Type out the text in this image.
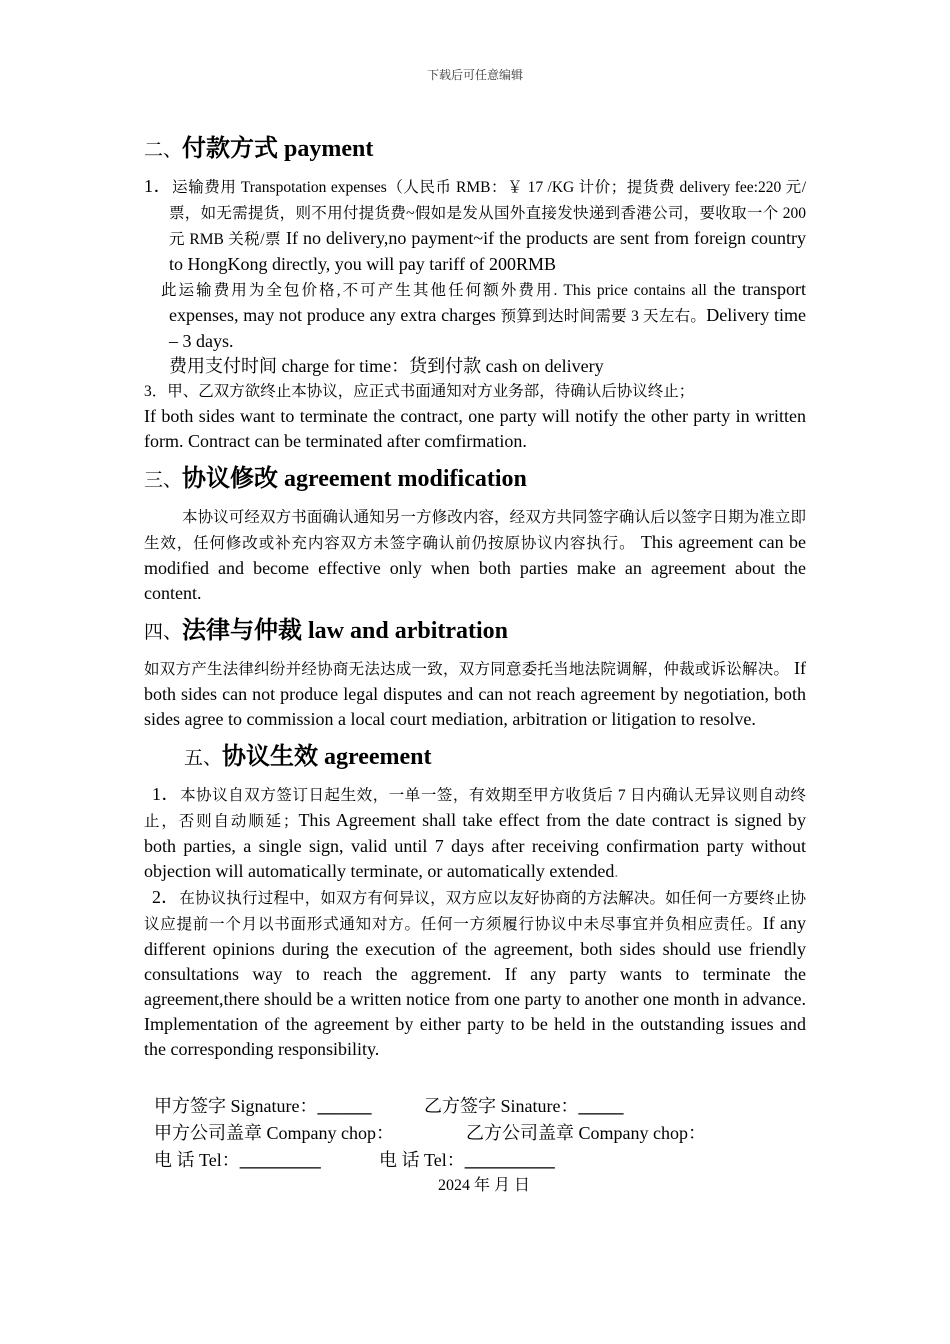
下载后可任意编辑
二、付款方式 payment

1．运输费用 Transpotation expenses（人民币 RMB：￥ 17 /KG 计价；提货费 delivery fee:220 元/票，如无需提货，则不用付提货费~假如是发从国外直接发快递到香港公司，要收取一个 200 元 RMB 关税/票 If no delivery,no payment~if the products are sent from foreign country to HongKong directly, you will pay tariff of 200RMB

此运输费用为全包价格,不可产生其他任何额外费用. This price contains all the transport expenses, may not produce any extra charges 预算到达时间需要 3 天左右。Delivery time – 3 days.

费用支付时间 charge for time：货到付款 cash on delivery

3．甲、乙双方欲终止本协议，应正式书面通知对方业务部，待确认后协议终止；

If both sides want to terminate the contract, one party will notify the other party in written form. Contract can be terminated after comfirmation.

三、协议修改 agreement modification

本协议可经双方书面确认通知另一方修改内容，经双方共同签字确认后以签字日期为准立即生效，任何修改或补充内容双方未签字确认前仍按原协议内容执行。 This agreement can be modified and become effective only when both parties make an agreement about the content.

四、法律与仲裁 law and arbitration

如双方产生法律纠纷并经协商无法达成一致，双方同意委托当地法院调解，仲裁或诉讼解决。 If both sides can not produce legal disputes and can not reach agreement by negotiation, both sides agree to commission a local court mediation, arbitration or litigation to resolve.

五、协议生效 agreement

1．本协议自双方签订日起生效，一单一签，有效期至甲方收货后 7 日内确认无异议则自动终止，否则自动顺延；This Agreement shall take effect from the date contract is signed by both parties, a single sign, valid until 7 days after receiving confirmation party without objection will automatically terminate, or automatically extended.

2．在协议执行过程中，如双方有何异议，双方应以友好协商的方法解决。如任何一方要终止协议应提前一个月以书面形式通知对方。任何一方须履行协议中未尽事宜并负相应责任。If any different opinions during the execution of the agreement, both sides should use friendly consultations way to reach the aggrement. If any party wants to terminate the agreement,there should be a written notice from one party to another one month in advance. Implementation of the agreement by either party to be held in the outstanding issues and the corresponding responsibility.

甲方签字 Signature：______	乙方签字 Sinature：_____
甲方公司盖章 Company chop：	乙方公司盖章 Company chop：
电 话 Tel：_________	电 话 Tel：__________
2024 年 月 日
